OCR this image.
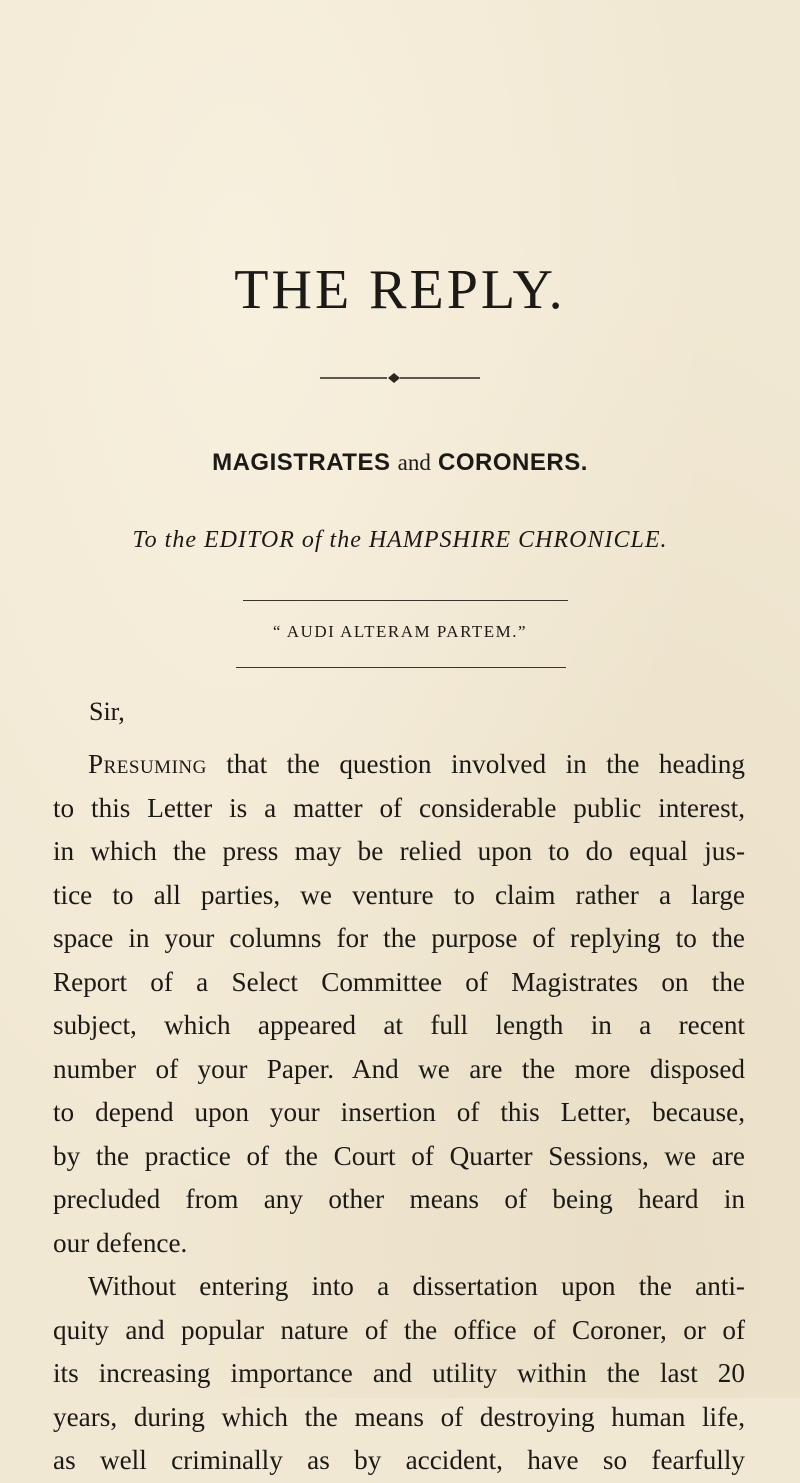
THE REPLY.
MAGISTRATES and CORONERS.
To the EDITOR of the HAMPSHIRE CHRONICLE.
“ AUDI ALTERAM PARTEM.”
Sir,
Presuming that the question involved in the heading
to this Letter is a matter of considerable public interest,
in which the press may be relied upon to do equal jus-
tice to all parties, we venture to claim rather a large
space in your columns for the purpose of replying to the
Report of a Select Committee of Magistrates on the
subject, which appeared at full length in a recent
number of your Paper. And we are the more disposed
to depend upon your insertion of this Letter, because,
by the practice of the Court of Quarter Sessions, we are
precluded from any other means of being heard in
our defence.
Without entering into a dissertation upon the anti-
quity and popular nature of the office of Coroner, or of
its increasing importance and utility within the last 20
years, during which the means of destroying human life,
as well criminally as by accident, have so fearfully
